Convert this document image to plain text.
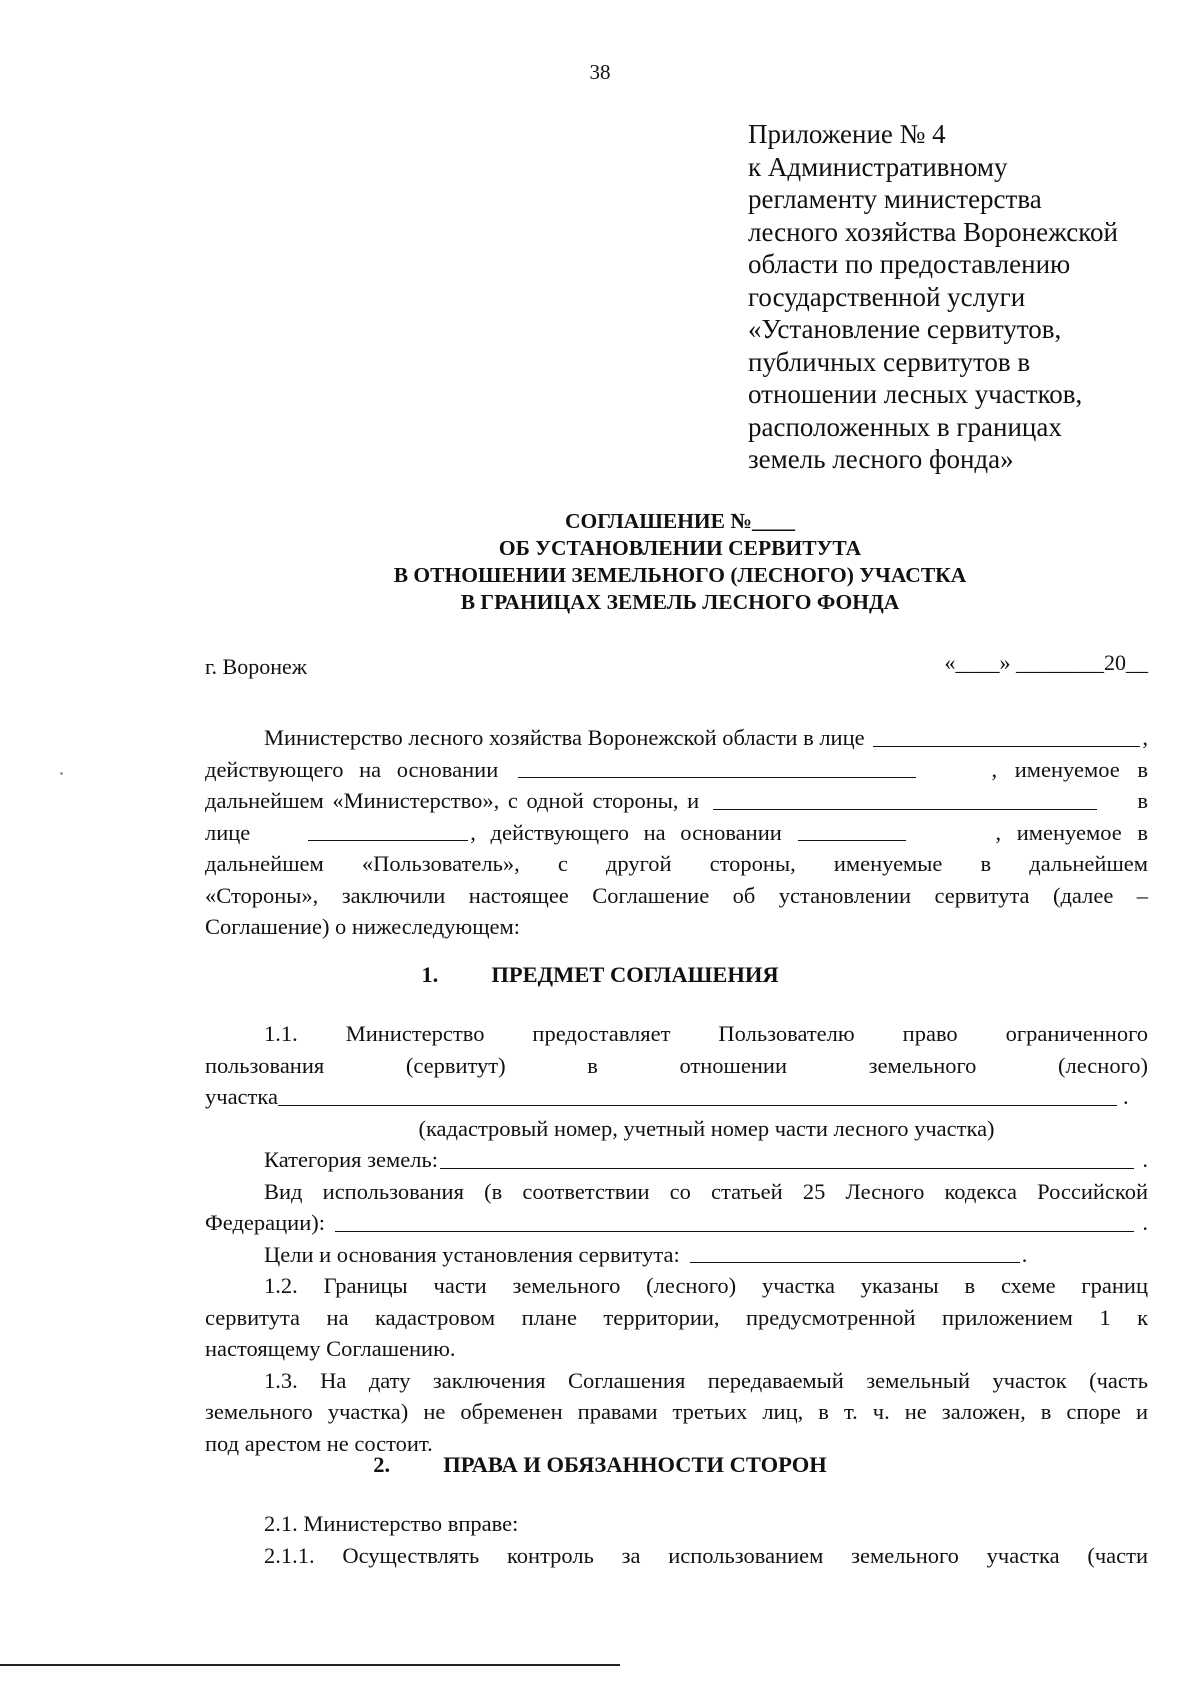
38
Приложение № 4
к Административному
регламенту министерства
лесного хозяйства Воронежской
области по предоставлению
государственной услуги
«Установление сервитутов,
публичных сервитутов в
отношении лесных участков,
расположенных в границах
земель лесного фонда»
СОГЛАШЕНИЕ №____
ОБ УСТАНОВЛЕНИИ СЕРВИТУТА
В ОТНОШЕНИИ ЗЕМЕЛЬНОГО (ЛЕСНОГО) УЧАСТКА
В ГРАНИЦАХ ЗЕМЕЛЬ ЛЕСНОГО ФОНДА
г. Воронеж	«____» ________20__
Министерство лесного хозяйства Воронежской области в лице	,
действующего на основании	, именуемое в
дальнейшем «Министерство», с одной стороны, и	в
лице	, действующего на основании	, именуемое в
дальнейшем «Пользователь», с другой стороны, именуемые в дальнейшем
«Стороны», заключили настоящее Соглашение об установлении сервитута (далее –
Соглашение) о нижеследующем:
1. ПРЕДМЕТ СОГЛАШЕНИЯ
1.1. Министерство предоставляет Пользователю право ограниченного
пользования (сервитут) в отношении земельного (лесного)
участка	.
(кадастровый номер, учетный номер части лесного участка)
Категория земель:	.
Вид использования (в соответствии со статьей 25 Лесного кодекса Российской
Федерации):	.
Цели и основания установления сервитута:	.
1.2. Границы части земельного (лесного) участка указаны в схеме границ
сервитута на кадастровом плане территории, предусмотренной приложением 1 к
настоящему Соглашению.
1.3. На дату заключения Соглашения передаваемый земельный участок (часть
земельного участка) не обременен правами третьих лиц, в т. ч. не заложен, в споре и
под арестом не состоит.
2. ПРАВА И ОБЯЗАННОСТИ СТОРОН
2.1. Министерство вправе:
2.1.1. Осуществлять контроль за использованием земельного участка (части
